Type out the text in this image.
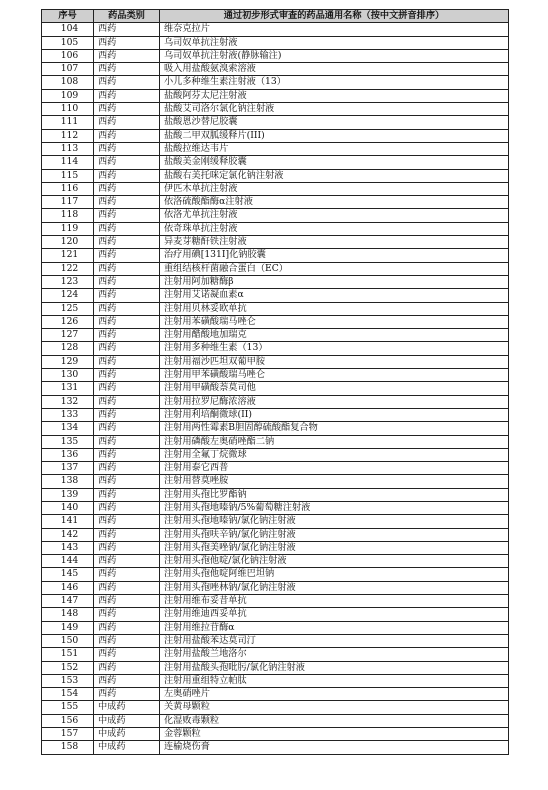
序号	药品类别	通过初步形式审查的药品通用名称（按中文拼音排序）
104	西药	维奈克拉片
105	西药	乌司奴单抗注射液
106	西药	乌司奴单抗注射液(静脉输注)
107	西药	吸入用盐酸氨溴索溶液
108	西药	小儿多种维生素注射液（13）
109	西药	盐酸阿芬太尼注射液
110	西药	盐酸艾司洛尔氯化钠注射液
111	西药	盐酸恩沙替尼胶囊
112	西药	盐酸二甲双胍缓释片(III)
113	西药	盐酸拉维达韦片
114	西药	盐酸美金刚缓释胶囊
115	西药	盐酸右美托咪定氯化钠注射液
116	西药	伊匹木单抗注射液
117	西药	依洛硫酸酯酶α注射液
118	西药	依洛尤单抗注射液
119	西药	依奇珠单抗注射液
120	西药	异麦芽糖酐铁注射液
121	西药	治疗用碘[131I]化钠胶囊
122	西药	重组结核杆菌融合蛋白（EC）
123	西药	注射用阿加糖酶β
124	西药	注射用艾诺凝血素α
125	西药	注射用贝林妥欧单抗
126	西药	注射用苯磺酸瑞马唑仑
127	西药	注射用醋酸地加瑞克
128	西药	注射用多种维生素（13）
129	西药	注射用福沙匹坦双葡甲胺
130	西药	注射用甲苯磺酸瑞马唑仑
131	西药	注射用甲磺酸萘莫司他
132	西药	注射用拉罗尼酶浓溶液
133	西药	注射用利培酮微球(II)
134	西药	注射用两性霉素B胆固醇硫酸酯复合物
135	西药	注射用磷酸左奥硝唑酯二钠
136	西药	注射用全氟丁烷微球
137	西药	注射用泰它西普
138	西药	注射用替莫唑胺
139	西药	注射用头孢比罗酯钠
140	西药	注射用头孢地嗪钠/5%葡萄糖注射液
141	西药	注射用头孢地嗪钠/氯化钠注射液
142	西药	注射用头孢呋辛钠/氯化钠注射液
143	西药	注射用头孢美唑钠/氯化钠注射液
144	西药	注射用头孢他啶/氯化钠注射液
145	西药	注射用头孢他啶阿维巴坦钠
146	西药	注射用头孢唑林钠/氯化钠注射液
147	西药	注射用维布妥昔单抗
148	西药	注射用维迪西妥单抗
149	西药	注射用维拉苷酶α
150	西药	注射用盐酸苯达莫司汀
151	西药	注射用盐酸兰地洛尔
152	西药	注射用盐酸头孢吡肟/氯化钠注射液
153	西药	注射用重组特立帕肽
154	西药	左奥硝唑片
155	中成药	关黄母颗粒
156	中成药	化湿败毒颗粒
157	中成药	金蓉颗粒
158	中成药	连榆烧伤膏
